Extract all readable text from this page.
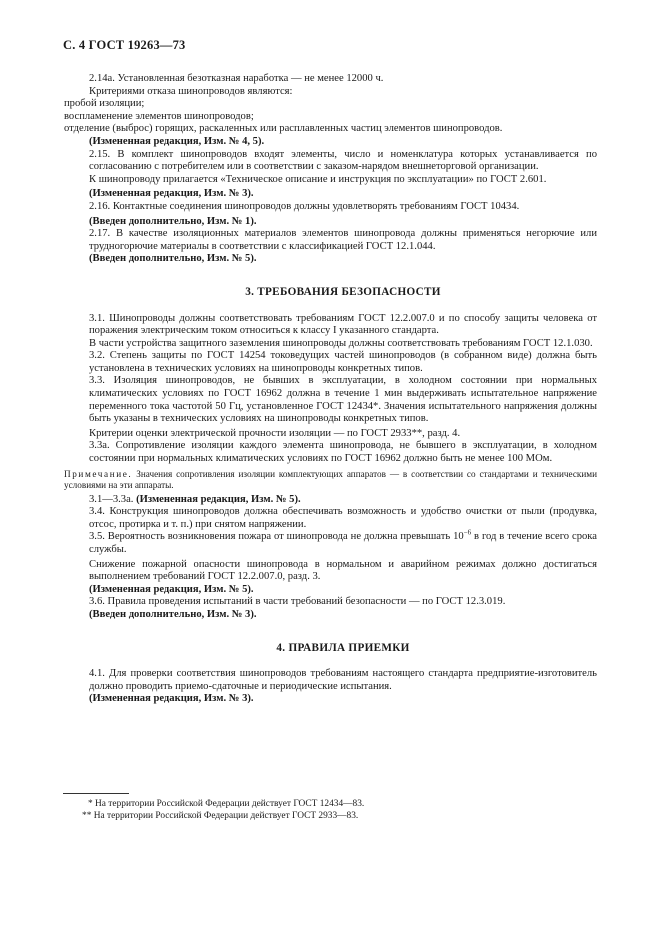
С. 4 ГОСТ 19263—73

2.14а. Установленная безотказная наработка — не менее 12000 ч.

Критериями отказа шинопроводов являются:

пробой изоляции;

воспламенение элементов шинопроводов;

отделение (выброс) горящих, раскаленных или расплавленных частиц элементов шинопроводов.

(Измененная редакция, Изм. № 4, 5).

2.15. В комплект шинопроводов входят элементы, число и номенклатура которых устанавливается по согласованию с потребителем или в соответствии с заказом-нарядом внешнеторговой организации.

К шинопроводу прилагается «Техническое описание и инструкция по эксплуатации» по ГОСТ 2.601.

(Измененная редакция, Изм. № 3).

2.16. Контактные соединения шинопроводов должны удовлетворять требованиям ГОСТ 10434.

(Введен дополнительно, Изм. № 1).

2.17. В качестве изоляционных материалов элементов шинопровода должны применяться негорючие или трудногорючие материалы в соответствии с классификацией ГОСТ 12.1.044.

(Введен дополнительно, Изм. № 5).

3. ТРЕБОВАНИЯ БЕЗОПАСНОСТИ

3.1. Шинопроводы должны соответствовать требованиям ГОСТ 12.2.007.0 и по способу защиты человека от поражения электрическим током относиться к классу I указанного стандарта.

В части устройства защитного заземления шинопроводы должны соответствовать требованиям ГОСТ 12.1.030.

3.2. Степень защиты по ГОСТ 14254 токоведущих частей шинопроводов (в собранном виде) должна быть установлена в технических условиях на шинопроводы конкретных типов.

3.3. Изоляция шинопроводов, не бывших в эксплуатации, в холодном состоянии при нормальных климатических условиях по ГОСТ 16962 должна в течение 1 мин выдерживать испытательное напряжение переменного тока частотой 50 Гц, установленное ГОСТ 12434*. Значения испытательного напряжения должны быть указаны в технических условиях на шинопроводы конкретных типов.

Критерии оценки электрической прочности изоляции — по ГОСТ 2933**, разд. 4.

3.3а. Сопротивление изоляции каждого элемента шинопровода, не бывшего в эксплуатации, в холодном состоянии при нормальных климатических условиях по ГОСТ 16962 должно быть не менее 100 МОм.

Примечание. Значения сопротивления изоляции комплектующих аппаратов — в соответствии со стандартами и техническими условиями на эти аппараты.

3.1—3.3а. (Измененная редакция, Изм. № 5).

3.4. Конструкция шинопроводов должна обеспечивать возможность и удобство очистки от пыли (продувка, отсос, протирка и т. п.) при снятом напряжении.

3.5. Вероятность возникновения пожара от шинопровода не должна превышать $10^{-6}$ в год в течение всего срока службы.

Снижение пожарной опасности шинопровода в нормальном и аварийном режимах должно достигаться выполнением требований ГОСТ 12.2.007.0, разд. 3.

(Измененная редакция, Изм. № 5).

3.6. Правила проведения испытаний в части требований безопасности — по ГОСТ 12.3.019.

(Введен дополнительно, Изм. № 3).

4. ПРАВИЛА ПРИЕМКИ

4.1. Для проверки соответствия шинопроводов требованиям настоящего стандарта предприятие-изготовитель должно проводить приемо-сдаточные и периодические испытания.

(Измененная редакция, Изм. № 3).

* На территории Российской Федерации действует ГОСТ 12434—83.
** На территории Российской Федерации действует ГОСТ 2933—83.
